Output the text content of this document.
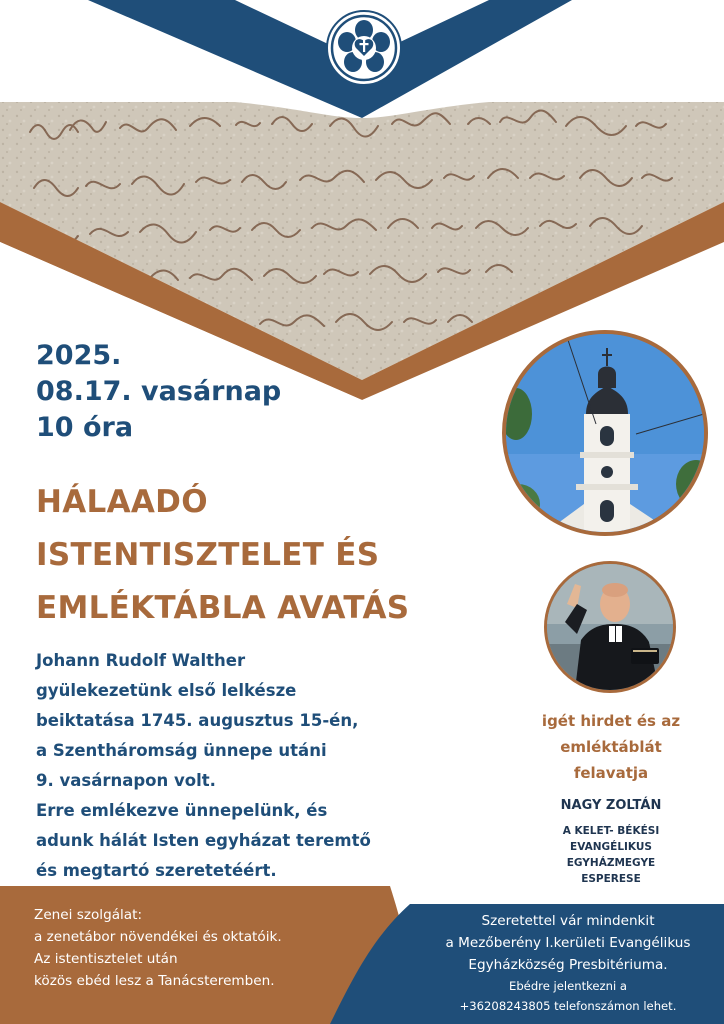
2025.
08.17. vasárnap
10 óra
HÁLAADÓ
ISTENTISZTELET ÉS
EMLÉKTÁBLA AVATÁS
Johann Rudolf Walther
gyülekezetünk első lelkésze
beiktatása 1745. augusztus 15-én,
a Szentháromság ünnepe utáni
9. vasárnapon volt.
Erre emlékezve ünnepelünk, és
adunk hálát Isten egyházat teremtő
és megtartó szeretetéért.
igét hirdet és az
emléktáblát
felavatja
NAGY ZOLTÁN
A KELET- BÉKÉSI
EVANGÉLIKUS
EGYHÁZMEGYE
ESPERESE
Zenei szolgálat:
a zenetábor növendékei és oktatóik.
Az istentisztelet után
közös ebéd lesz a Tanácsteremben.
Szeretettel vár mindenkit
a Mezőberény I.kerületi Evangélikus
Egyházközség Presbitériuma.
Ebédre jelentkezni a
+36208243805 telefonszámon lehet.
